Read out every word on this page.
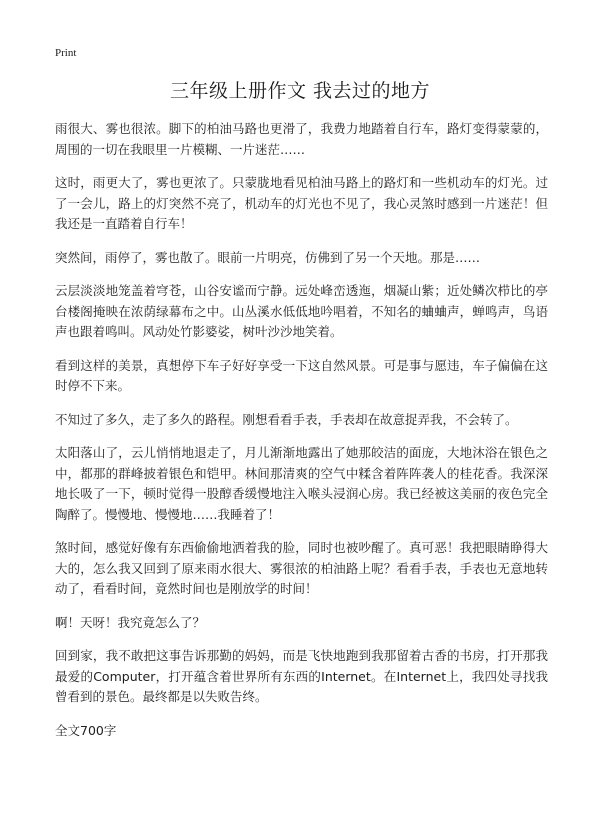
Print
三年级上册作文 我去过的地方

雨很大、雾也很浓。脚下的柏油马路也更滑了，我费力地踏着自行车，路灯变得蒙蒙的，周围的一切在我眼里一片模糊、一片迷茫……

这时，雨更大了，雾也更浓了。只蒙胧地看见柏油马路上的路灯和一些机动车的灯光。过了一会儿，路上的灯突然不亮了，机动车的灯光也不见了，我心灵煞时感到一片迷茫！但我还是一直踏着自行车！

突然间，雨停了，雾也散了。眼前一片明亮，仿佛到了另一个天地。那是……

云层淡淡地笼盖着穹苍，山谷安谧而宁静。远处峰峦透迤，烟凝山紫；近处鳞次栉比的亭台楼阁掩映在浓荫绿幕布之中。山丛溪水低低地吟唱着，不知名的蛐蛐声，蝉鸣声，鸟语声也跟着鸣叫。风动处竹影婆娑，树叶沙沙地笑着。

看到这样的美景，真想停下车子好好享受一下这自然风景。可是事与愿违，车子偏偏在这时停不下来。

不知过了多久，走了多久的路程。刚想看看手表，手表却在故意捉弄我，不会转了。

太阳落山了，云儿悄悄地退走了，月儿渐渐地露出了她那皎洁的面庞，大地沐浴在银色之中，都那的群峰披着银色和铠甲。林间那清爽的空气中糅含着阵阵袭人的桂花香。我深深地长吸了一下，顿时觉得一股醇香缓慢地注入喉头浸润心房。我已经被这美丽的夜色完全陶醉了。慢慢地、慢慢地……我睡着了！

煞时间，感觉好像有东西偷偷地洒着我的脸，同时也被吵醒了。真可恶！我把眼睛睁得大大的，怎么我又回到了原来雨水很大、雾很浓的柏油路上呢？看看手表，手表也无意地转动了，看看时间，竟然时间也是刚放学的时间！

啊！天呀！我究竟怎么了？

回到家，我不敢把这事告诉那勤的妈妈，而是飞快地跑到我那留着古香的书房，打开那我最爱的Computer，打开蕴含着世界所有东西的Internet。在Internet上，我四处寻找我曾看到的景色。最终都是以失败告终。

全文700字
